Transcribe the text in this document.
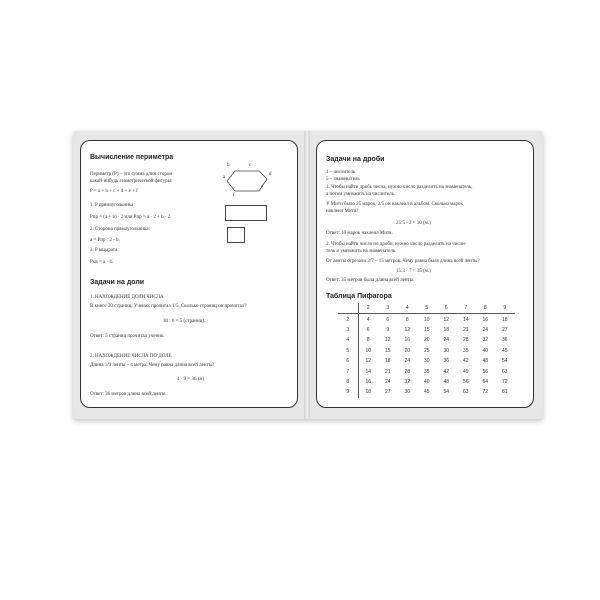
Вычисление периметра
Периметр (P) – это сумма длин сторон
какой-нибудь геометрической фигуры:
P = a + b + c + d + e + f
b	c
a
d
f
e
1. P прямоугольника:
Pпр = (a + b) · 2 или Pпр = a · 2 + b · 2.
2. Сторона прямоугольника:
a = Pпр : 2 - b.
3. P квадрата:
Pкв = a · 4.
Задачи на доли
1. НАХОЖДЕНИЕ ДОЛИ ЧИСЛА
В книге 30 страниц. Ученик прочитал 1/5. Сколько страниц он прочитал?
30 : 6 = 5 (страниц).
Ответ: 5 страниц прочитал ученик.
2. НАХОЖДЕНИЕ ЧИСЛА ПО ДОЛЕ
Длина 1/9 ленты – 4 метра. Чему равна длина всей ленты?
4 · 9 = 36 (м)
Ответ: 36 метров длина всей ленты.
Задачи на дроби
1 – числитель
5 – знаменатель
1. Чтобы найти дробь числа, нужно число разделить на знаменатель,
а потом умножить на числитель.
У Мити было 25 марок. 2/5 он наклеил в альбом. Сколько марок
наклеил Митя?
25:5 · 2 = 10 (м.)
Ответ: 10 марок наклеил Митя.
2. Чтобы найти число по дроби, нужно число разделить на числи-
тель и умножить на знаменатель.
От ленты отрезали 3/7 – 15 метров. Чему равна была длина всей ленты?
15:3 · 7 = 35 (м.)
Ответ: 35 метров была длина всей ленты.
Таблица Пифагора
	2	3	4	5	6	7	8	9
2	4	6	8	10	12	14	16	18
3	6	9	12	15	18	21	24	27
4	8	12	16	20	24	28	32	36
5	10	15	20	25	30	35	40	45
6	12	18	24	30	36	42	48	54
7	14	21	28	35	42	49	56	63
8	16	24	32	40	48	56	64	72
9	18	27	36	45	54	63	72	81
